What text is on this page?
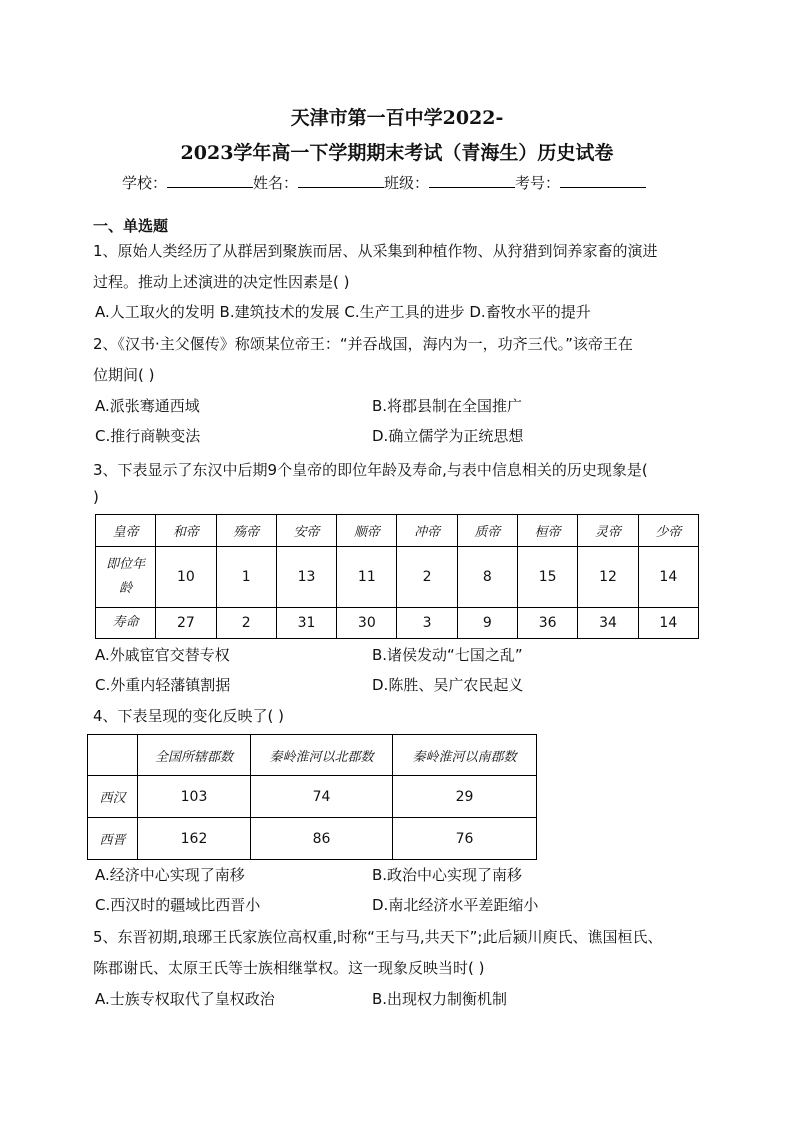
天津市第一百中学2022-
2023学年高一下学期期末考试（青海生）历史试卷
学校：	姓名：	班级：	考号：
一、单选题
1、原始人类经历了从群居到聚族而居、从采集到种植作物、从狩猎到饲养家畜的演进
过程。推动上述演进的决定性因素是( )
A.人工取火的发明 B.建筑技术的发展 C.生产工具的进步 D.畜牧水平的提升
2、《汉书·主父偃传》称颂某位帝王：“并吞战国，海内为一，功齐三代。”该帝王在
位期间( )
A.派张骞通西域	B.将郡县制在全国推广
C.推行商鞅变法	D.确立儒学为正统思想
3、下表显示了东汉中后期9个皇帝的即位年龄及寿命,与表中信息相关的历史现象是(
)
皇帝	和帝	殇帝	安帝	顺帝	冲帝	质帝	桓帝	灵帝	少帝
即位年
龄	10	1	13	11	2	8	15	12	14
寿命	27	2	31	30	3	9	36	34	14
A.外戚宦官交替专权	B.诸侯发动“七国之乱”
C.外重内轻藩镇割据	D.陈胜、吴广农民起义
4、下表呈现的变化反映了( )
	全国所辖郡数	秦岭淮河以北郡数	秦岭淮河以南郡数
西汉	103	74	29
西晋	162	86	76
A.经济中心实现了南移	B.政治中心实现了南移
C.西汉时的疆域比西晋小	D.南北经济水平差距缩小
5、东晋初期,琅琊王氏家族位高权重,时称“王与马,共天下”;此后颍川庾氏、谯国桓氏、
陈郡谢氏、太原王氏等士族相继掌权。这一现象反映当时( )
A.士族专权取代了皇权政治	B.出现权力制衡机制
